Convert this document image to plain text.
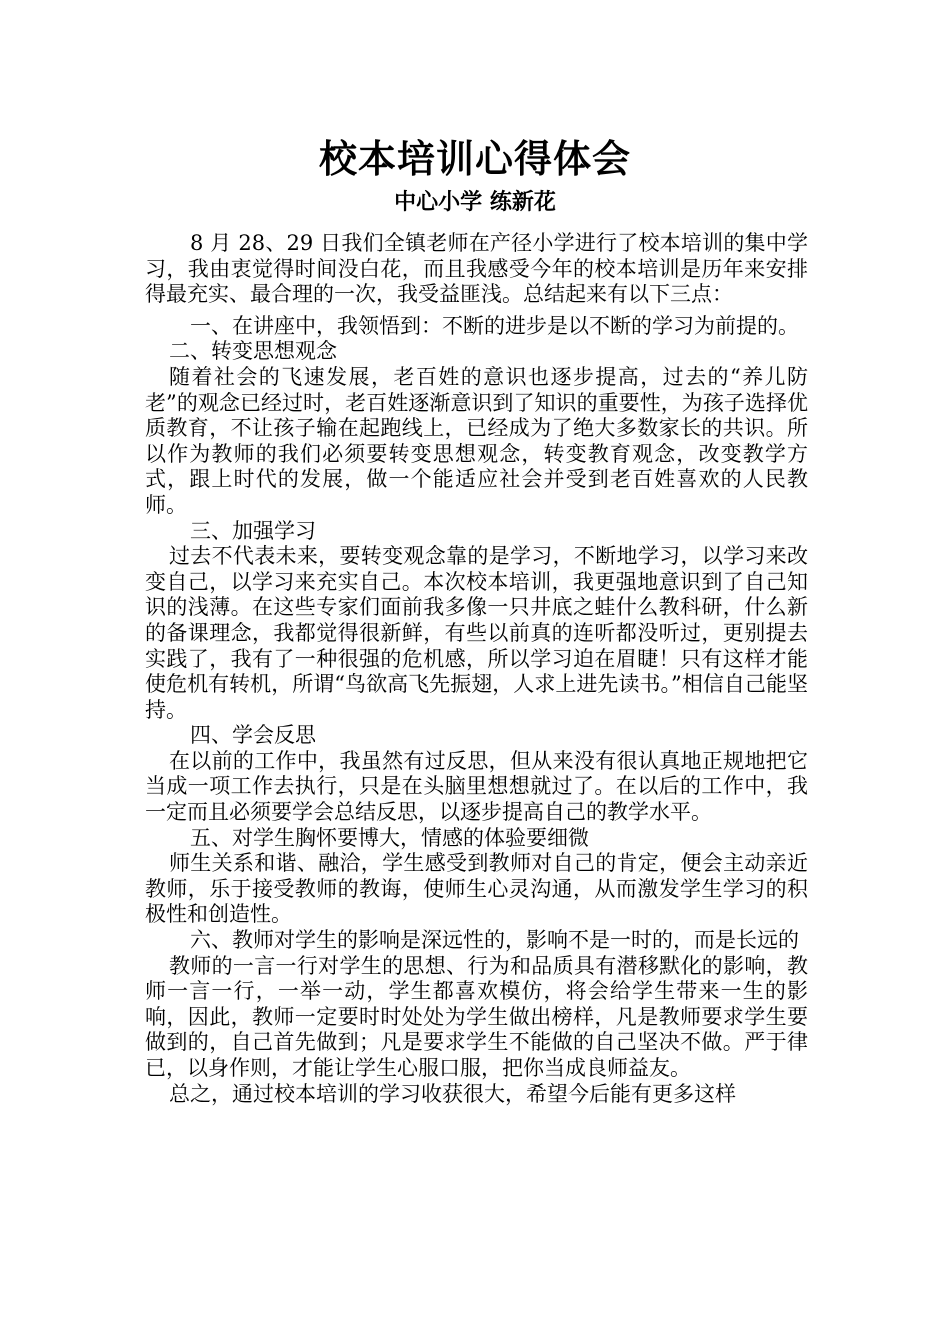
校本培训心得体会
中心小学 练新花

8 月 28、29 日我们全镇老师在产径小学进行了校本培训的集中学习，我由衷觉得时间没白花，而且我感受今年的校本培训是历年来安排得最充实、最合理的一次，我受益匪浅。总结起来有以下三点：

一、在讲座中，我领悟到：不断的进步是以不断的学习为前提的。

二、转变思想观念

随着社会的飞速发展，老百姓的意识也逐步提高，过去的“养儿防老”的观念已经过时，老百姓逐渐意识到了知识的重要性，为孩子选择优质教育，不让孩子输在起跑线上，已经成为了绝大多数家长的共识。所以作为教师的我们必须要转变思想观念，转变教育观念，改变教学方式，跟上时代的发展，做一个能适应社会并受到老百姓喜欢的人民教师。

三、加强学习

过去不代表未来，要转变观念靠的是学习，不断地学习，以学习来改变自己，以学习来充实自己。本次校本培训，我更强地意识到了自己知识的浅薄。在这些专家们面前我多像一只井底之蛙什么教科研，什么新的备课理念，我都觉得很新鲜，有些以前真的连听都没听过，更别提去实践了，我有了一种很强的危机感，所以学习迫在眉睫！只有这样才能使危机有转机，所谓“鸟欲高飞先振翅，人求上进先读书。”相信自己能坚持。

四、学会反思

在以前的工作中，我虽然有过反思，但从来没有很认真地正规地把它当成一项工作去执行，只是在头脑里想想就过了。在以后的工作中，我一定而且必须要学会总结反思，以逐步提高自己的教学水平。

五、对学生胸怀要博大，情感的体验要细微

师生关系和谐、融洽，学生感受到教师对自己的肯定，便会主动亲近教师，乐于接受教师的教诲，使师生心灵沟通，从而激发学生学习的积极性和创造性。

六、教师对学生的影响是深远性的，影响不是一时的，而是长远的

教师的一言一行对学生的思想、行为和品质具有潜移默化的影响，教师一言一行，一举一动，学生都喜欢模仿，将会给学生带来一生的影响，因此，教师一定要时时处处为学生做出榜样，凡是教师要求学生要做到的，自己首先做到；凡是要求学生不能做的自己坚决不做。严于律已，以身作则，才能让学生心服口服，把你当成良师益友。

总之，通过校本培训的学习收获很大，希望今后能有更多这样
